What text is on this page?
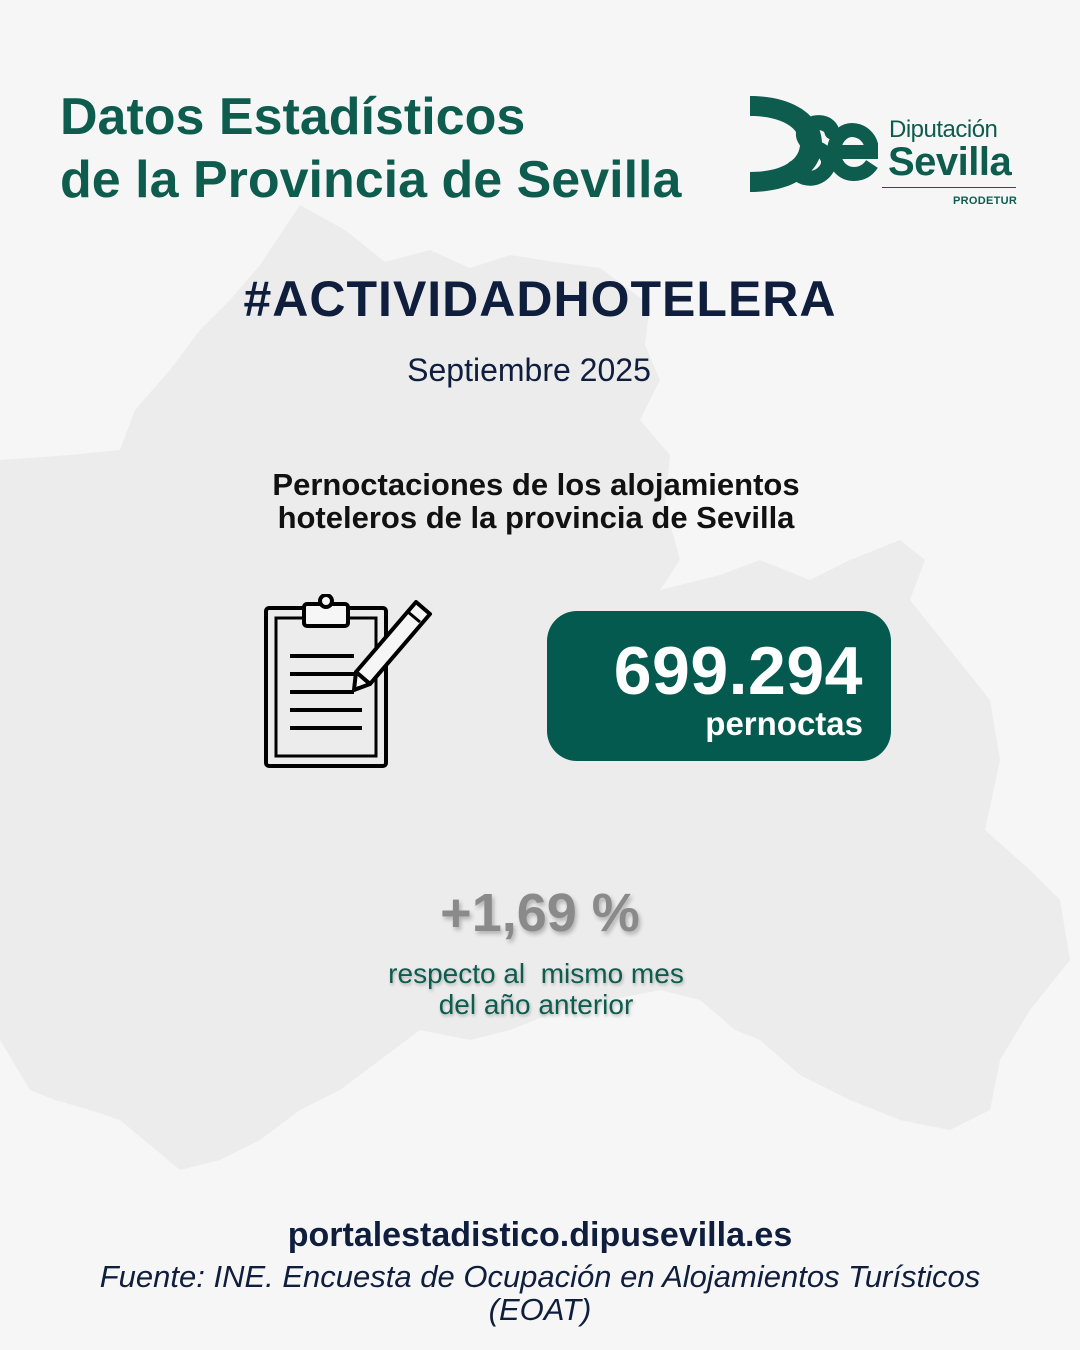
Datos Estadísticos
de la Provincia de Sevilla
Diputación
Sevilla
PRODETUR
#ACTIVIDADHOTELERA
Septiembre 2025
Pernoctaciones de los alojamientos
hoteleros de la provincia de Sevilla
699.294
pernoctas
+1,69 %
respecto al  mismo mes
del año anterior
portalestadistico.dipusevilla.es
Fuente: INE. Encuesta de Ocupación en Alojamientos Turísticos (EOAT)
